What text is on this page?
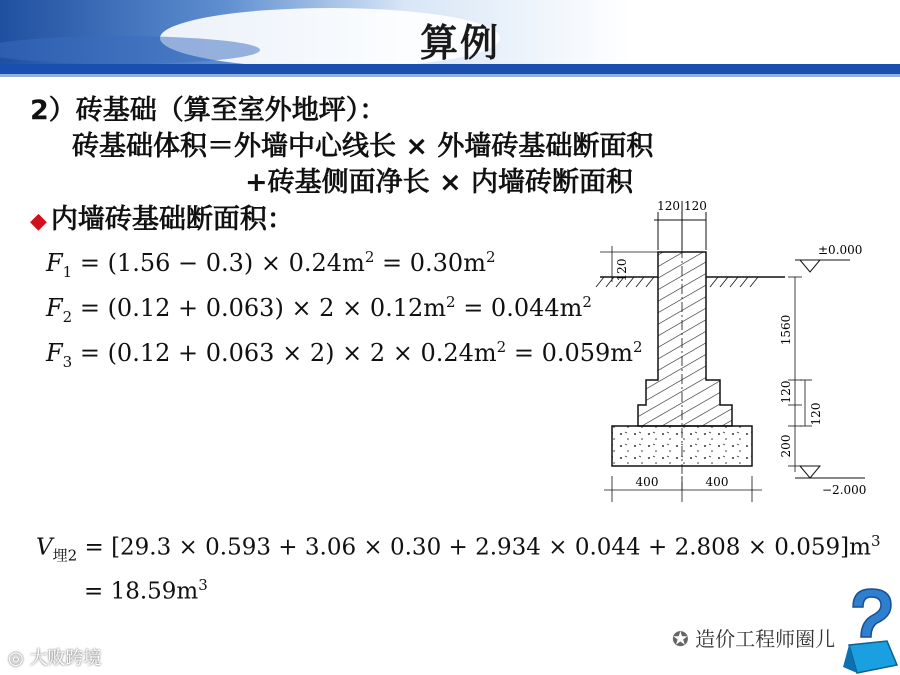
算例
2）砖基础（算至室外地坪）：
砖基础体积＝外墙中心线长 × 外墙砖基础断面积
+砖基侧面净长 × 内墙砖断面积
◆ 内墙砖基础断面积：
$F_1 = (1.56 - 0.3) \times 0.24m^2 = 0.30m^2$
$F_2 = (0.12 + 0.063) \times 2 \times 0.12m^2 = 0.044m^2$
$F_3 = (0.12 + 0.063 \times 2) \times 2 \times 0.24m^2 = 0.059m^2$
$V_{埋2} = [29.3 \times 0.593 + 3.06 \times 0.30 + 2.934 \times 0.044 + 2.808 \times 0.059]m^3$
= $18.59m^3$
120|120
120
±0.000
1560
120
120
200
−2.000
400	400
✪ 造价工程师圈儿
◎ 大败跨境
